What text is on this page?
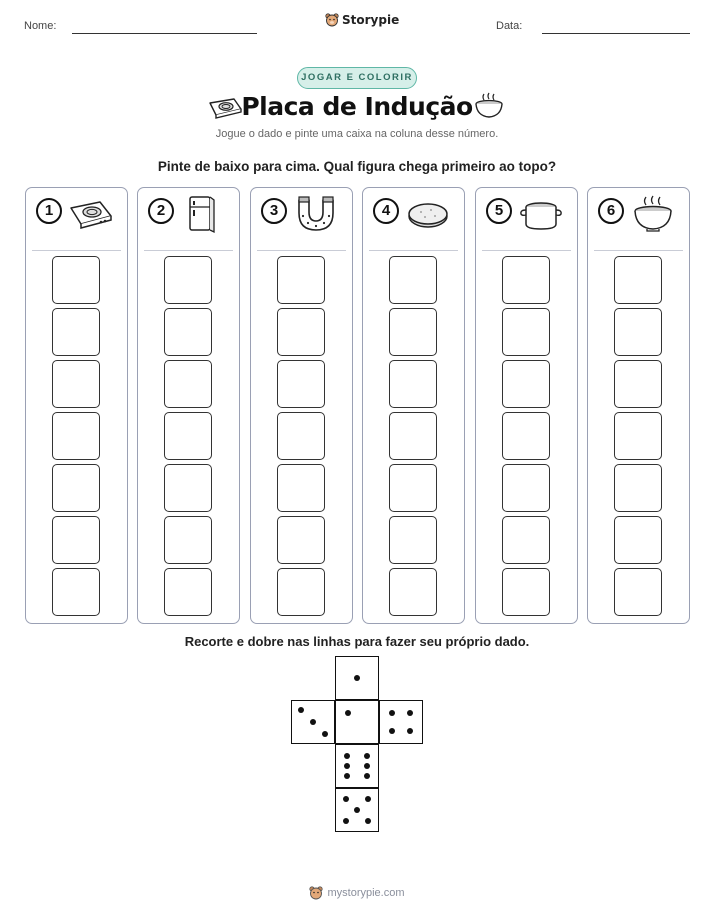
Nome:	Storypie	Data:
JOGAR E COLORIR
Placa de Indução
Jogue o dado e pinte uma caixa na coluna desse número.
Pinte de baixo para cima. Qual figura chega primeiro ao topo?
1	2	3	4	5	6
Recorte e dobre nas linhas para fazer seu próprio dado.
mystorypie.com
